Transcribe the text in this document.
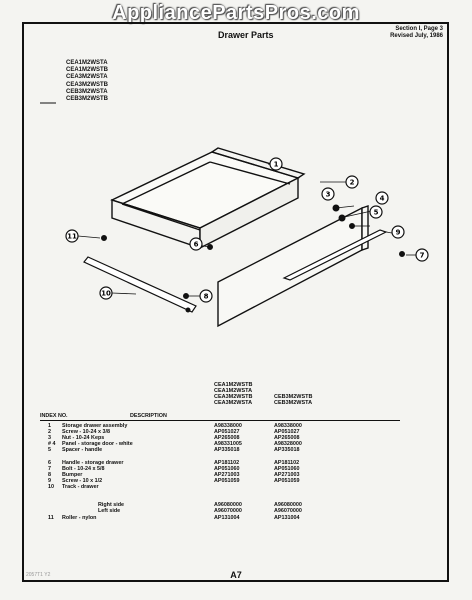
AppliancePartsPros.com
Drawer Parts
Section I, Page 3
Revised July, 1986
CEA1M2WSTA
CEA1M2WSTB
CEA3M2WSTA
CEA3M2WSTB
CEB3M2WSTA
CEB3M2WSTB
1
2
3	4
5
6
7
8
9
10
11
CEA1M2WSTB
CEA1M2WSTA
CEA3M2WSTB
CEA3M2WSTA
CEB3M2WSTB
CEB3M2WSTA
INDEX NO.	DESCRIPTION
1 Storage drawer assembly	A98338000	A98338000
2 Screw - 10-24 x 3/8	AP051027	AP051027
3 Nut - 10-24 Keps	AP265008	AP265008
# 4 Panel - storage door - white	A98331005	A98328000
5 Spacer - handle	AP335018	AP335018
6 Handle - storage drawer	AP181102	AP181102
7 Bolt - 10-24 x 5/8	AP051060	AP051060
8 Bumper	AP271003	AP271003
9 Screw - 10 x 1/2	AP051059	AP051059
10 Track - drawer
Right side	A96080000	A96080000
Left side	A96070000	A96070000
11 Roller - nylon	AP131004	AP131004
A7
2057T1 Y2
